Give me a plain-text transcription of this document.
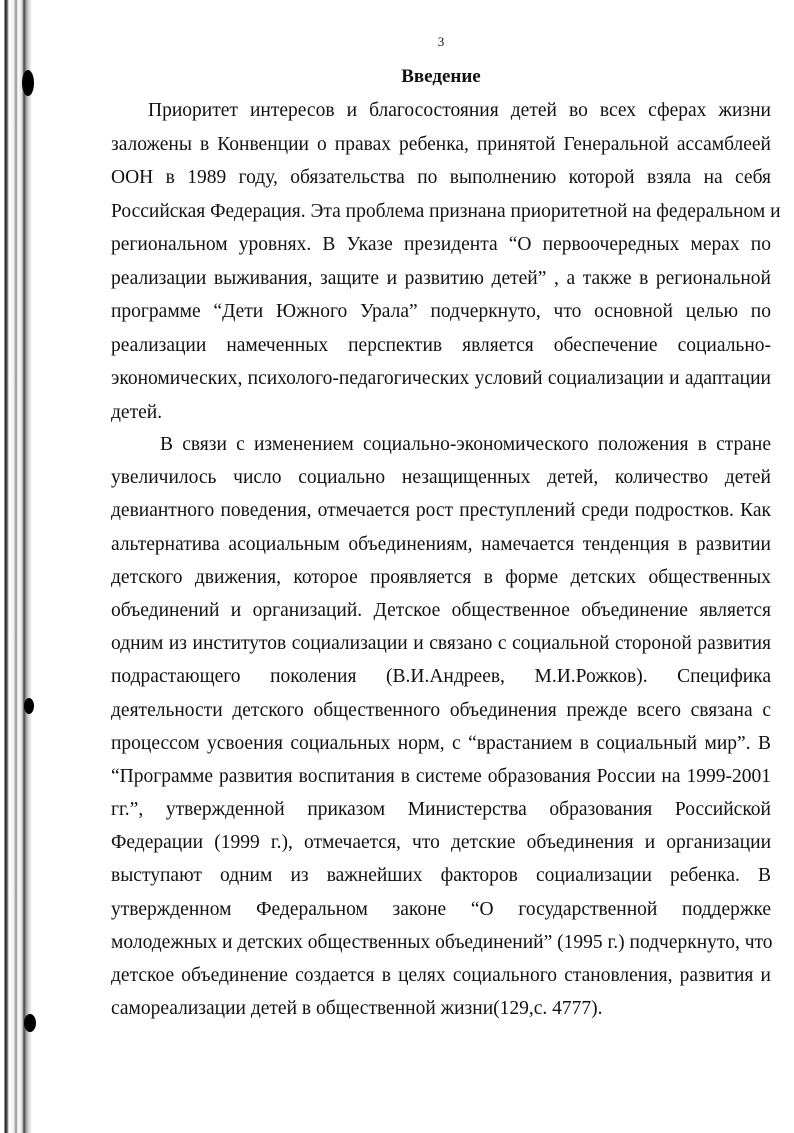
3
Введение
Приоритет интересов и благосостояния детей во всех сферах жизни
заложены в Конвенции о правах ребенка, принятой Генеральной ассамблеей
ООН в 1989 году, обязательства по выполнению которой взяла на себя
Российская Федерация. Эта проблема признана приоритетной на федеральном и
региональном уровнях. В Указе президента “О первоочередных мерах по
реализации выживания, защите и развитию детей” , а также в региональной
программе “Дети Южного Урала” подчеркнуто, что основной целью по
реализации намеченных перспектив является обеспечение социально-
экономических, психолого-педагогических условий социализации и адаптации
детей.
В связи с изменением социально-экономического положения в стране
увеличилось число социально незащищенных детей, количество детей
девиантного поведения, отмечается рост преступлений среди подростков. Как
альтернатива асоциальным объединениям, намечается тенденция в развитии
детского движения, которое проявляется в форме детских общественных
объединений и организаций. Детское общественное объединение является
одним из институтов социализации и связано с социальной стороной развития
подрастающего поколения (В.И.Андреев, М.И.Рожков). Специфика
деятельности детского общественного объединения прежде всего связана с
процессом усвоения социальных норм, с “врастанием в социальный мир”. В
“Программе развития воспитания в системе образования России на 1999-2001
гг.”, утвержденной приказом Министерства образования Российской
Федерации (1999 г.), отмечается, что детские объединения и организации
выступают одним из важнейших факторов социализации ребенка. В
утвержденном Федеральном законе “О государственной поддержке
молодежных и детских общественных объединений” (1995 г.) подчеркнуто, что
детское объединение создается в целях социального становления, развития и
самореализации детей в общественной жизни(129,с. 4777).
